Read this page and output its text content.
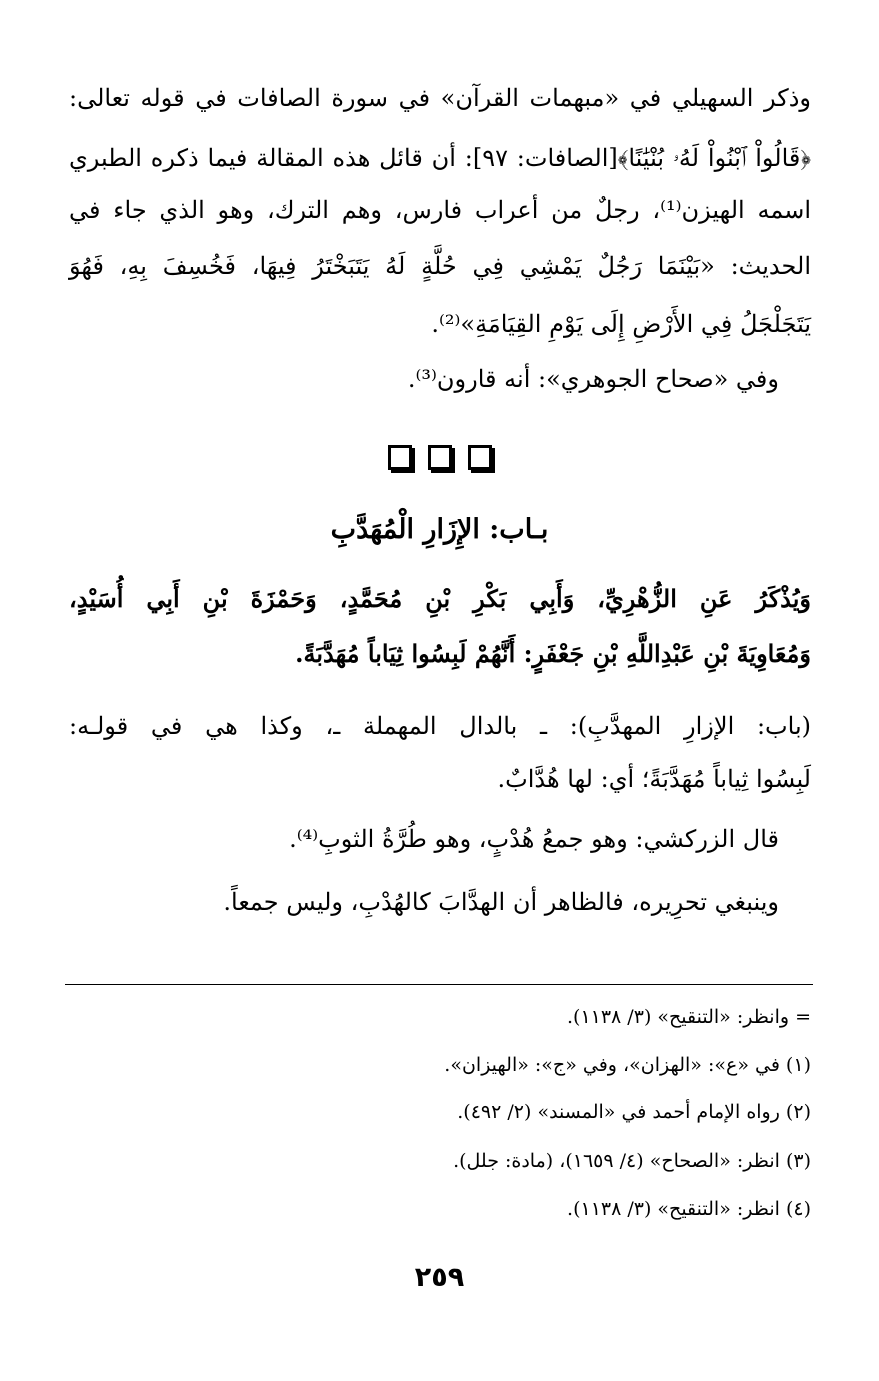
وذكر السهيلي في «مبهمات القرآن» في سورة الصافات في قوله تعالى:
﴿قَالُواْ ٱبْنُواْ لَهُۥ بُنْيَٰنًا﴾[الصافات: ٩٧]: أن قائل هذه المقالة فيما ذكره الطبري
اسمه الهيزن⁽¹⁾، رجلٌ من أعراب فارس، وهم الترك، وهو الذي جاء في
الحديث: «بَيْنَمَا رَجُلٌ يَمْشِي فِي حُلَّةٍ لَهُ يَتَبَخْتَرُ فِيهَا، فَخُسِفَ بِهِ، فَهُوَ
يَتَجَلْجَلُ فِي الأَرْضِ إِلَى يَوْمِ القِيَامَةِ»⁽²⁾.
وفي «صحاح الجوهري»: أنه قارون⁽³⁾.
بـاب: الإِزَارِ الْمُهَدَّبِ
وَيُذْكَرُ عَنِ الزُّهْرِيِّ، وَأَبِي بَكْرِ بْنِ مُحَمَّدٍ، وَحَمْزَةَ بْنِ أَبِي أُسَيْدٍ،
وَمُعَاوِيَةَ بْنِ عَبْدِاللَّهِ بْنِ جَعْفَرٍ: أَنَّهُمْ لَبِسُوا ثِيَاباً مُهَدَّبَةً.
(باب: الإزارِ المهدَّبِ): ـ بالدال المهملة ـ، وكذا هي في قولـه:
لَبِسُوا ثِياباً مُهَدَّبَةً؛ أي: لها هُدَّابٌ.
قال الزركشي: وهو جمعُ هُدْبٍ، وهو طُرَّةُ الثوبِ⁽⁴⁾.
وينبغي تحرِيره، فالظاهر أن الهدَّابَ كالهُدْبِ، وليس جمعاً.
= وانظر: «التنقيح» (٣/ ١١٣٨).
(١) في «ع»: «الهزان»، وفي «ج»: «الهيزان».
(٢) رواه الإمام أحمد في «المسند» (٢/ ٤٩٢).
(٣) انظر: «الصحاح» (٤/ ١٦٥٩)، (مادة: جلل).
(٤) انظر: «التنقيح» (٣/ ١١٣٨).
٢٥٩
